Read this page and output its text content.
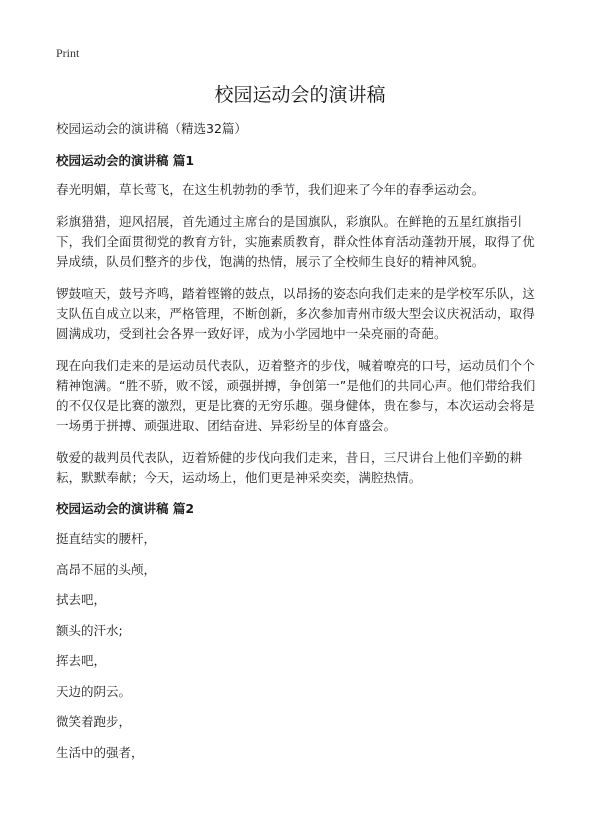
Print
校园运动会的演讲稿

校园运动会的演讲稿（精选32篇）

校园运动会的演讲稿 篇1

春光明媚，草长莺飞，在这生机勃勃的季节，我们迎来了今年的春季运动会。

彩旗猎猎，迎风招展，首先通过主席台的是国旗队，彩旗队。在鲜艳的五星红旗指引下，我们全面贯彻党的教育方针，实施素质教育，群众性体育活动蓬勃开展，取得了优异成绩，队员们整齐的步伐，饱满的热情，展示了全校师生良好的精神风貌。

锣鼓喧天，鼓号齐鸣，踏着铿锵的鼓点，以昂扬的姿态向我们走来的是学校军乐队，这支队伍自成立以来，严格管理，不断创新，多次参加青州市级大型会议庆祝活动，取得圆满成功，受到社会各界一致好评，成为小学园地中一朵亮丽的奇葩。

现在向我们走来的是运动员代表队，迈着整齐的步伐，喊着嘹亮的口号，运动员们个个精神饱满。“胜不骄，败不馁，顽强拼搏，争创第一”是他们的共同心声。他们带给我们的不仅仅是比赛的激烈，更是比赛的无穷乐趣。强身健体，贵在参与，本次运动会将是一场勇于拼搏、顽强进取、团结奋进、异彩纷呈的体育盛会。

敬爱的裁判员代表队，迈着矫健的步伐向我们走来，昔日，三尺讲台上他们辛勤的耕耘，默默奉献；今天，运动场上，他们更是神采奕奕，满腔热情。

校园运动会的演讲稿 篇2

挺直结实的腰杆，

高昂不屈的头颅，

拭去吧，

额头的汗水;

挥去吧，

天边的阴云。

微笑着跑步，

生活中的强者，
